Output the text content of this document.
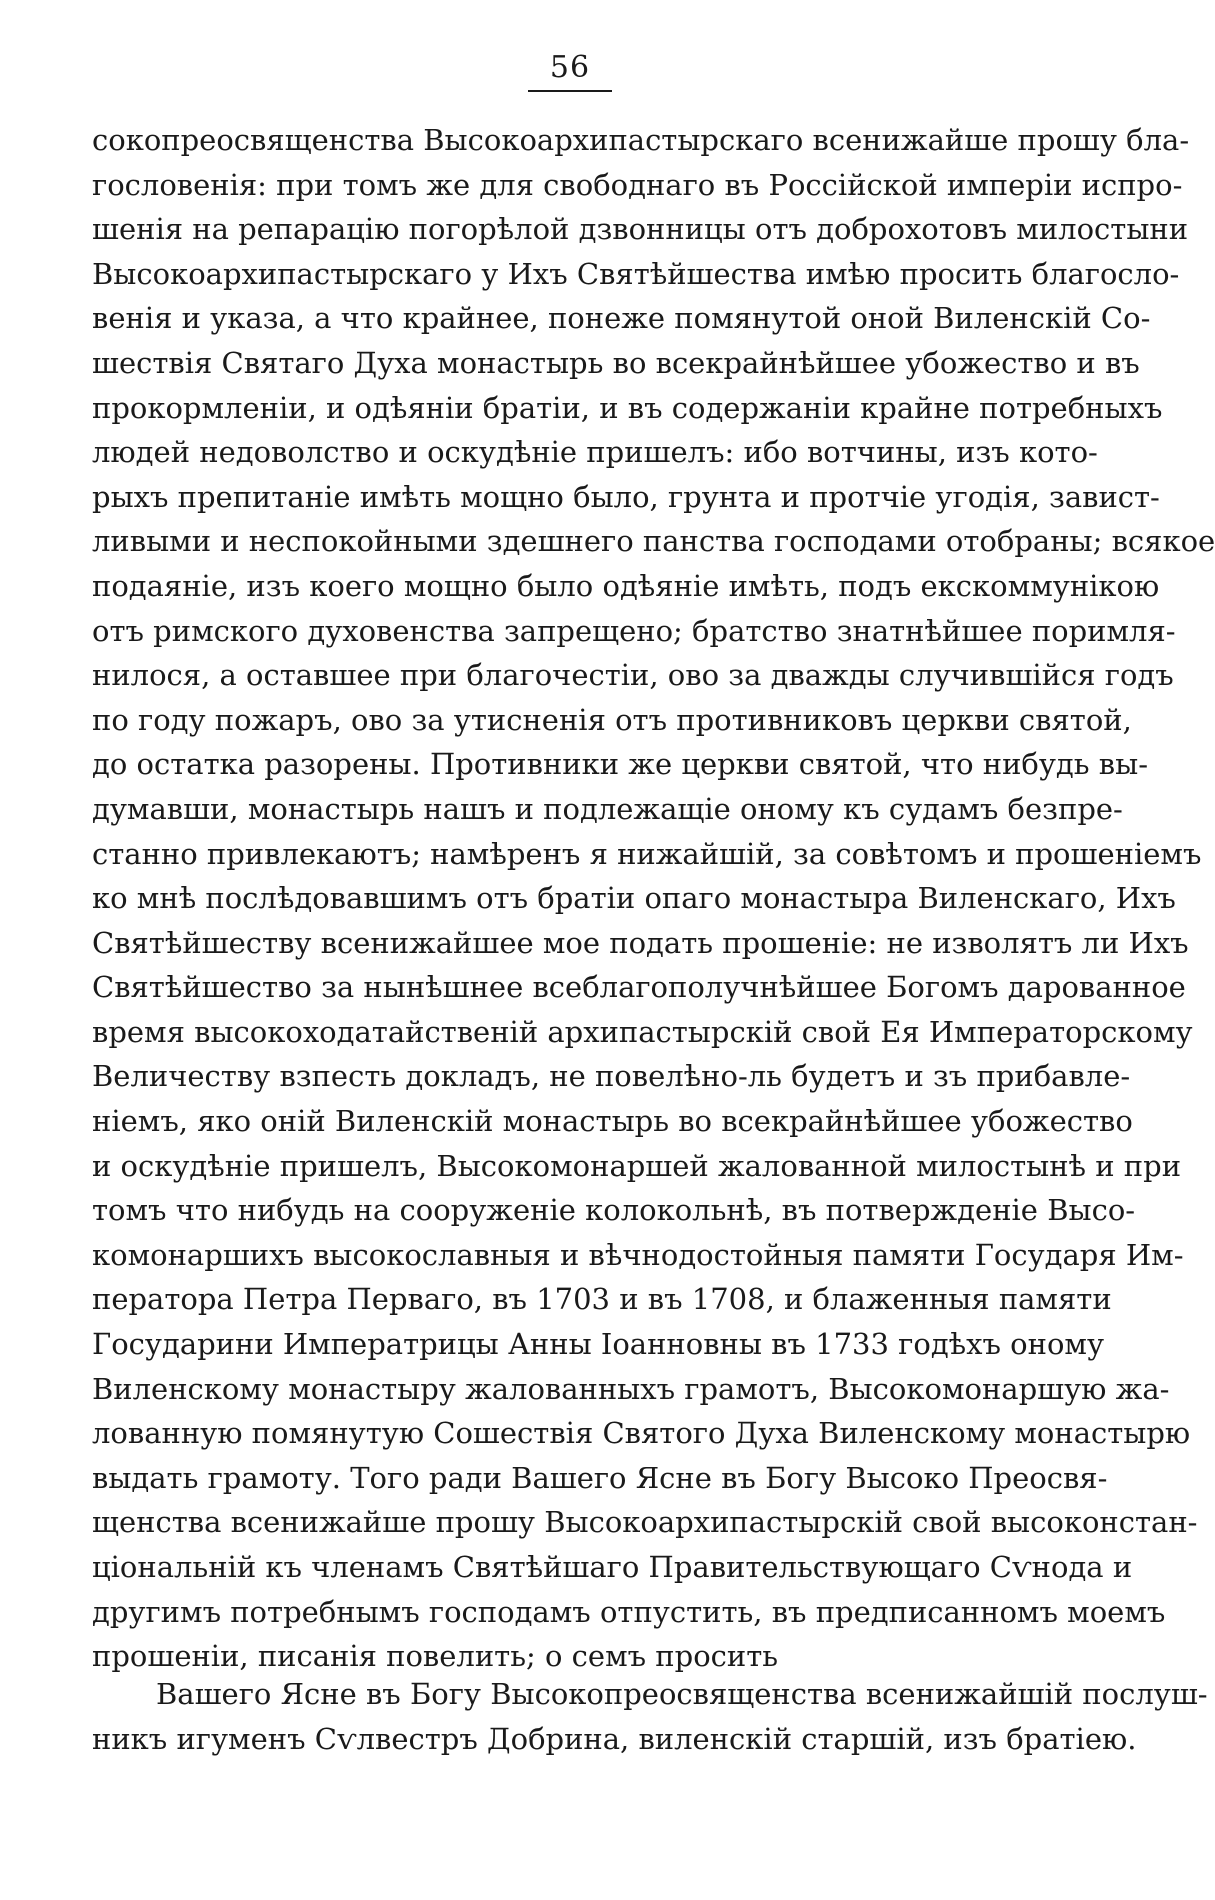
56
сокопреосвященства Высокоархипастырскаго всенижайше прошу бла-
гословенія: при томъ же для свободнаго въ Россійской имперіи испро-
шенія на репарацію погорѣлой дзвонницы отъ доброхотовъ милостыни
Высокоархипастырскаго у Ихъ Святѣйшества имѣю просить благосло-
венія и указа, а что крайнее, понеже помянутой оной Виленскій Со-
шествія Святаго Духа монастырь во всекрайнѣйшее убожество и въ
прокормленіи, и одѣяніи братіи, и въ содержаніи крайне потребныхъ
людей недоволство и оскудѣніе пришелъ: ибо вотчины, изъ кото-
рыхъ препитаніе имѣть мощно было, грунта и протчіе угодія, завист-
ливыми и неспокойными здешнего панства господами отобраны; всякое
подаяніе, изъ коего мощно было одѣяніе имѣть, подъ екскоммунікою
отъ римского духовенства запрещено; братство знатнѣйшее поримля-
нилося, а оставшее при благочестіи, ово за дважды случившійся годъ
по году пожаръ, ово за утисненія отъ противниковъ церкви святой,
до остатка разорены. Противники же церкви святой, что нибудь вы-
думавши, монастырь нашъ и подлежащіе оному къ судамъ безпре-
станно привлекаютъ; намѣренъ я нижайшій, за совѣтомъ и прошеніемъ
ко мнѣ послѣдовавшимъ отъ братіи опаго монастыра Виленскаго, Ихъ
Святѣйшеству всенижайшее мое подать прошеніе: не изволятъ ли Ихъ
Святѣйшество за нынѣшнее всеблагополучнѣйшее Богомъ дарованное
время высокоходатайственій архипастырскій свой Ея Императорскому
Величеству взпесть докладъ, не повелѣно-ль будетъ и зъ прибавле-
ніемъ, яко оній Виленскій монастырь во всекрайнѣйшее убожество
и оскудѣніе пришелъ, Высокомонаршей жалованной милостынѣ и при
томъ что нибудь на сооруженіе колокольнѣ, въ потвержденіе Высо-
комонаршихъ высокославныя и вѣчнодостойныя памяти Государя Им-
ператора Петра Перваго, въ 1703 и въ 1708, и блаженныя памяти
Государини Императрицы Анны Іоанновны въ 1733 годѣхъ оному
Виленскому монастыру жалованныхъ грамотъ, Высокомонаршую жа-
лованную помянутую Сошествія Святого Духа Виленскому монастырю
выдать грамоту. Того ради Вашего Ясне въ Богу Высоко Преосвя-
щенства всенижайше прошу Высокоархипастырскій свой высоконстан-
ціональній къ членамъ Святѣйшаго Правительствующаго Сѵнода и
другимъ потребнымъ господамъ отпустить, въ предписанномъ моемъ
прошеніи, писанія повелить; о семъ просить
Вашего Ясне въ Богу Высокопреосвященства всенижайшій послуш-
никъ игуменъ Сѵлвестръ Добрина, виленскій старшій, изъ братіею.
